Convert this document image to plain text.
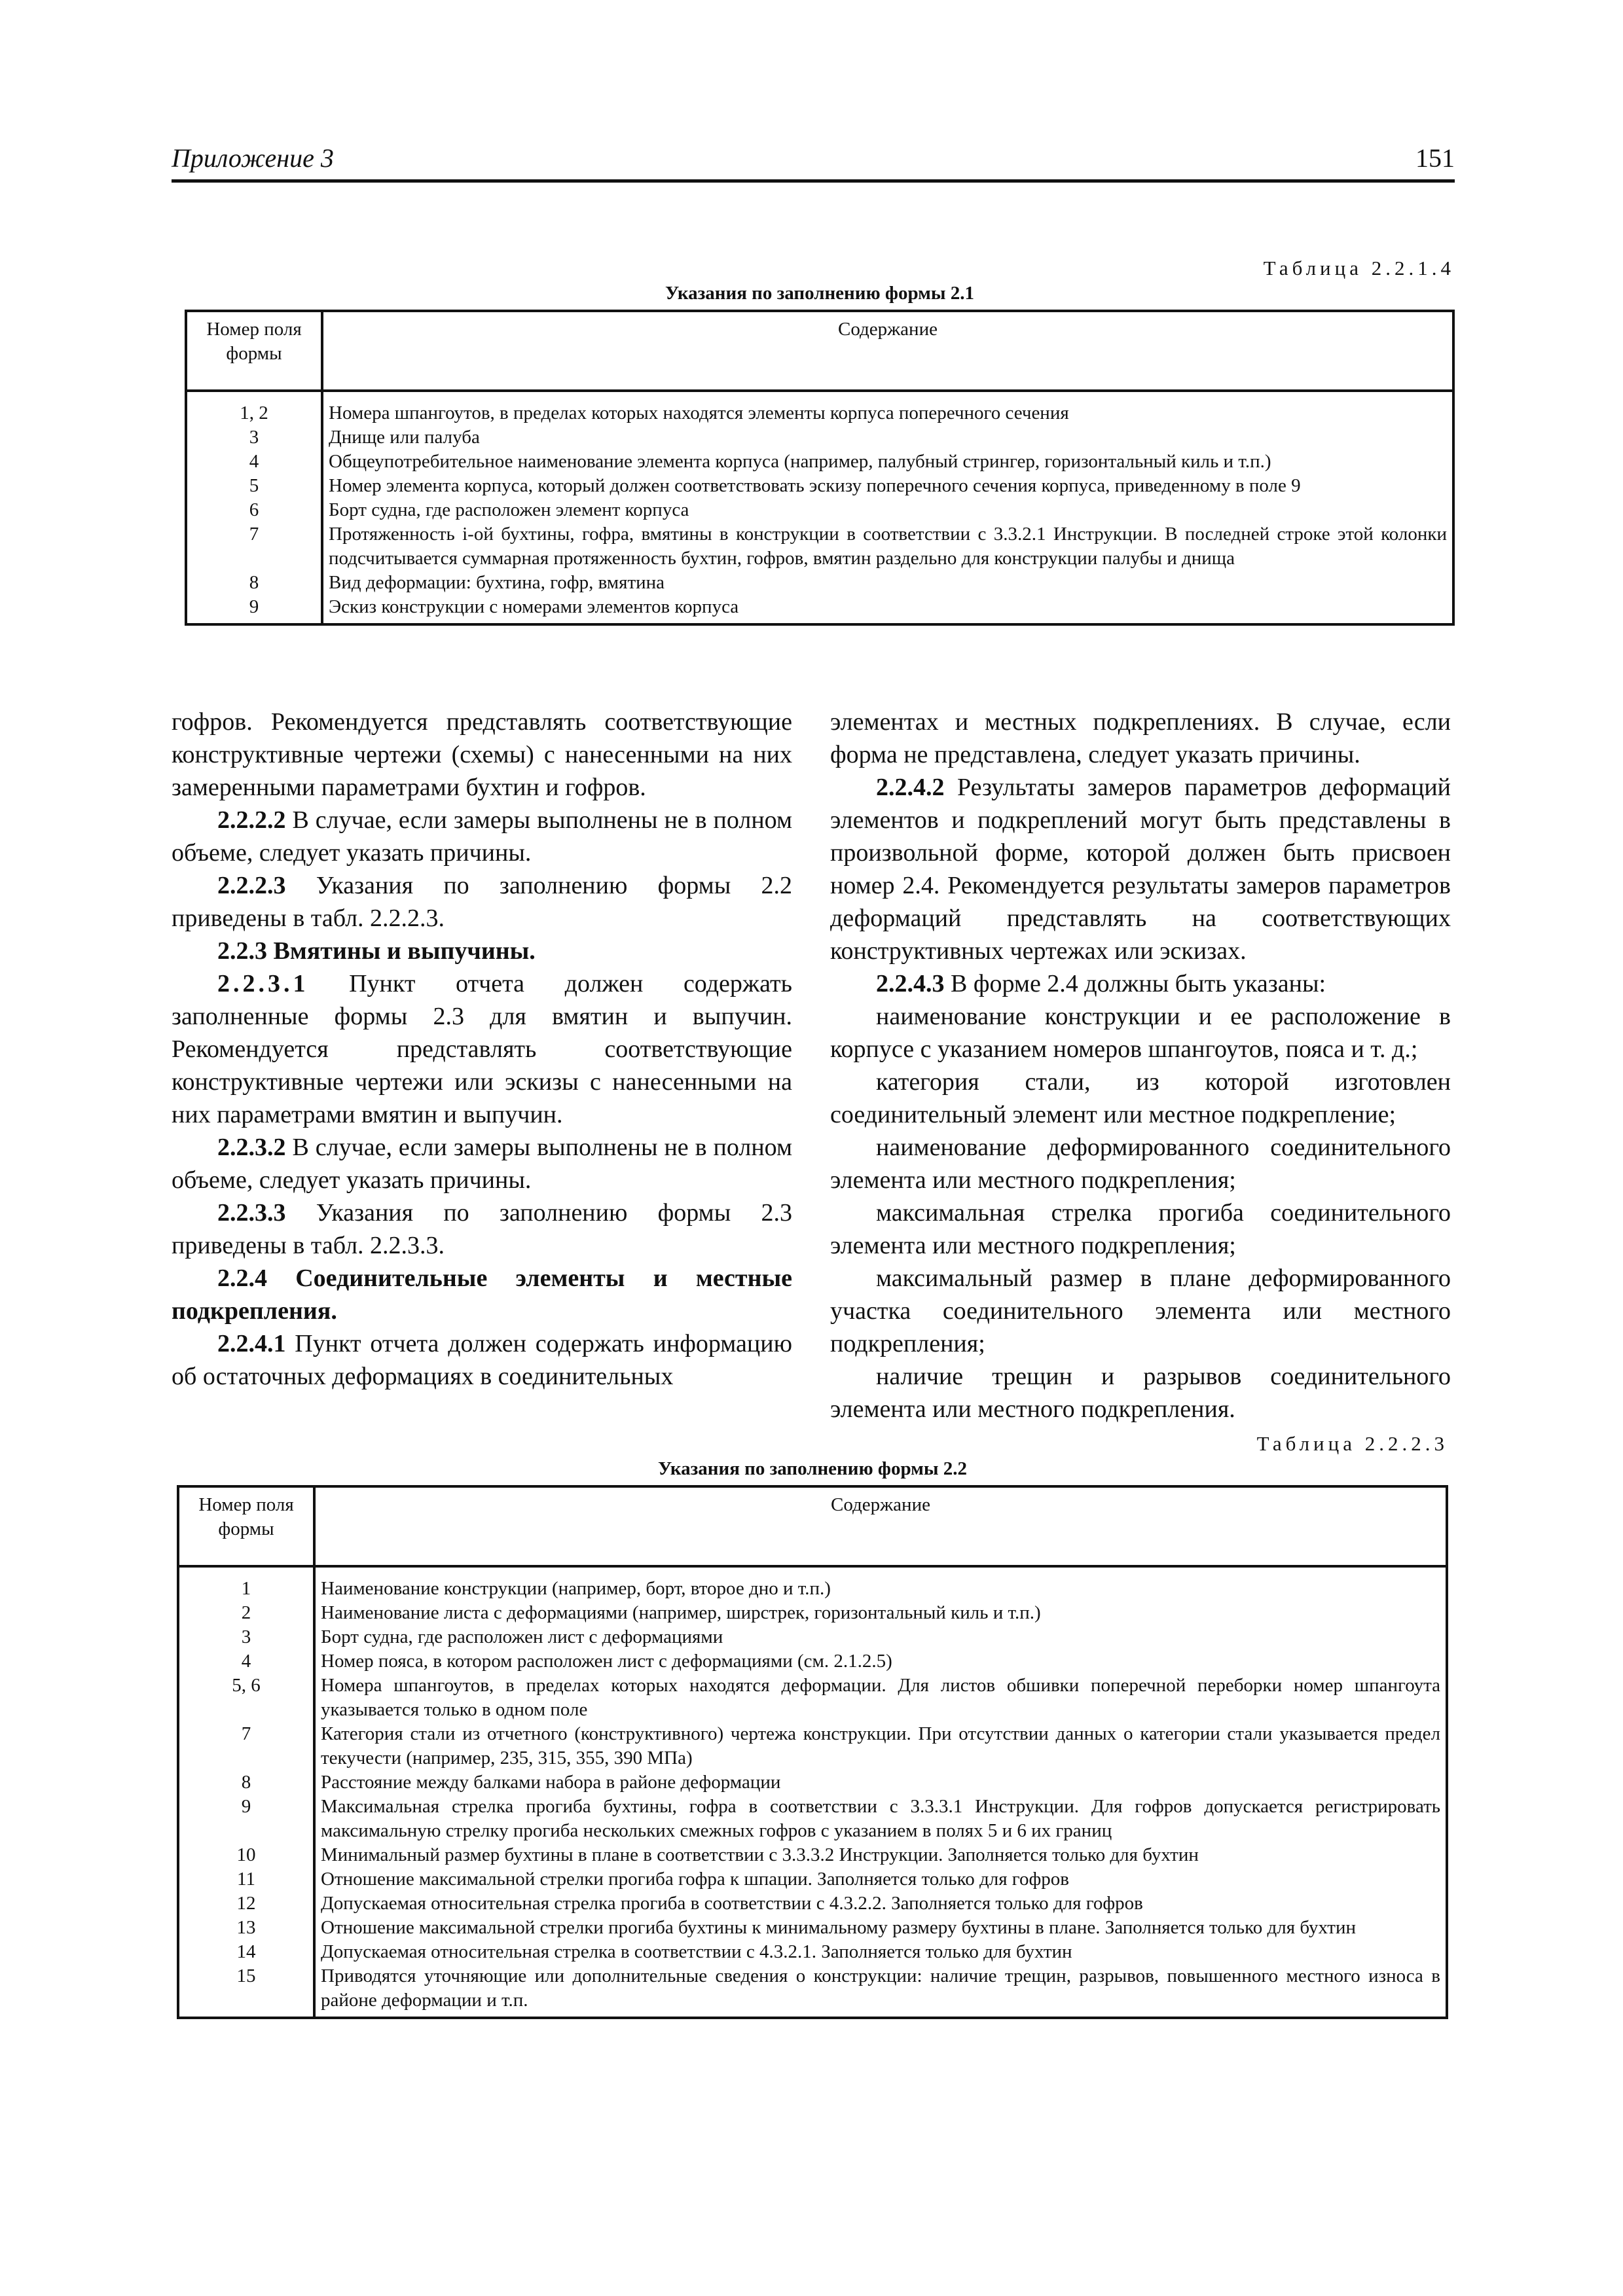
Приложение 3	151
Таблица 2.2.1.4
Указания по заполнению формы 2.1
Номер поля формы	Содержание
1, 2	Номера шпангоутов, в пределах которых находятся элементы корпуса поперечного сечения
3	Днище или палуба
4	Общеупотребительное наименование элемента корпуса (например, палубный стрингер, горизонтальный киль и т.п.)
5	Номер элемента корпуса, который должен соответствовать эскизу поперечного сечения корпуса, приведенному в поле 9
6	Борт судна, где расположен элемент корпуса
7	Протяженность i-ой бухтины, гофра, вмятины в конструкции в соответствии с 3.3.2.1 Инструкции. В последней строке этой колонки подсчитывается суммарная протяженность бухтин, гофров, вмятин раздельно для конструкции палубы и днища
8	Вид деформации: бухтина, гофр, вмятина
9	Эскиз конструкции с номерами элементов корпуса

гофров. Рекомендуется представлять соответствующие конструктивные чертежи (схемы) с нанесенными на них замеренными параметрами бухтин и гофров.

2.2.2.2 В случае, если замеры выполнены не в полном объеме, следует указать причины.

2.2.2.3 Указания по заполнению формы 2.2 приведены в табл. 2.2.2.3.

2.2.3 Вмятины и выпучины.

2.2.3.1 Пункт отчета должен содержать заполненные формы 2.3 для вмятин и выпучин. Рекомендуется представлять соответствующие конструктивные чертежи или эскизы с нанесенными на них параметрами вмятин и выпучин.

2.2.3.2 В случае, если замеры выполнены не в полном объеме, следует указать причины.

2.2.3.3 Указания по заполнению формы 2.3 приведены в табл. 2.2.3.3.

2.2.4 Соединительные элементы и местные подкрепления.

2.2.4.1 Пункт отчета должен содержать информацию об остаточных деформациях в соединительных

элементах и местных подкреплениях. В случае, если форма не представлена, следует указать причины.

2.2.4.2 Результаты замеров параметров деформаций элементов и подкреплений могут быть представлены в произвольной форме, которой должен быть присвоен номер 2.4. Рекомендуется результаты замеров параметров деформаций представлять на соответствующих конструктивных чертежах или эскизах.

2.2.4.3 В форме 2.4 должны быть указаны:

наименование конструкции и ее расположение в корпусе с указанием номеров шпангоутов, пояса и т. д.;

категория стали, из которой изготовлен соединительный элемент или местное подкрепление;

наименование деформированного соединительного элемента или местного подкрепления;

максимальная стрелка прогиба соединительного элемента или местного подкрепления;

максимальный размер в плане деформированного участка соединительного элемента или местного подкрепления;

наличие трещин и разрывов соединительного элемента или местного подкрепления.

Таблица 2.2.2.3
Указания по заполнению формы 2.2
Номер поля формы	Содержание
1	Наименование конструкции (например, борт, второе дно и т.п.)
2	Наименование листа с деформациями (например, ширстрек, горизонтальный киль и т.п.)
3	Борт судна, где расположен лист с деформациями
4	Номер пояса, в котором расположен лист с деформациями (см. 2.1.2.5)
5, 6	Номера шпангоутов, в пределах которых находятся деформации. Для листов обшивки поперечной переборки номер шпангоута указывается только в одном поле
7	Категория стали из отчетного (конструктивного) чертежа конструкции. При отсутствии данных о категории стали указывается предел текучести (например, 235, 315, 355, 390 МПа)
8	Расстояние между балками набора в районе деформации
9	Максимальная стрелка прогиба бухтины, гофра в соответствии с 3.3.3.1 Инструкции. Для гофров допускается регистрировать максимальную стрелку прогиба нескольких смежных гофров с указанием в полях 5 и 6 их границ
10	Минимальный размер бухтины в плане в соответствии с 3.3.3.2 Инструкции. Заполняется только для бухтин
11	Отношение максимальной стрелки прогиба гофра к шпации. Заполняется только для гофров
12	Допускаемая относительная стрелка прогиба в соответствии с 4.3.2.2. Заполняется только для гофров
13	Отношение максимальной стрелки прогиба бухтины к минимальному размеру бухтины в плане. Заполняется только для бухтин
14	Допускаемая относительная стрелка в соответствии с 4.3.2.1. Заполняется только для бухтин
15	Приводятся уточняющие или дополнительные сведения о конструкции: наличие трещин, разрывов, повышенного местного износа в районе деформации и т.п.
